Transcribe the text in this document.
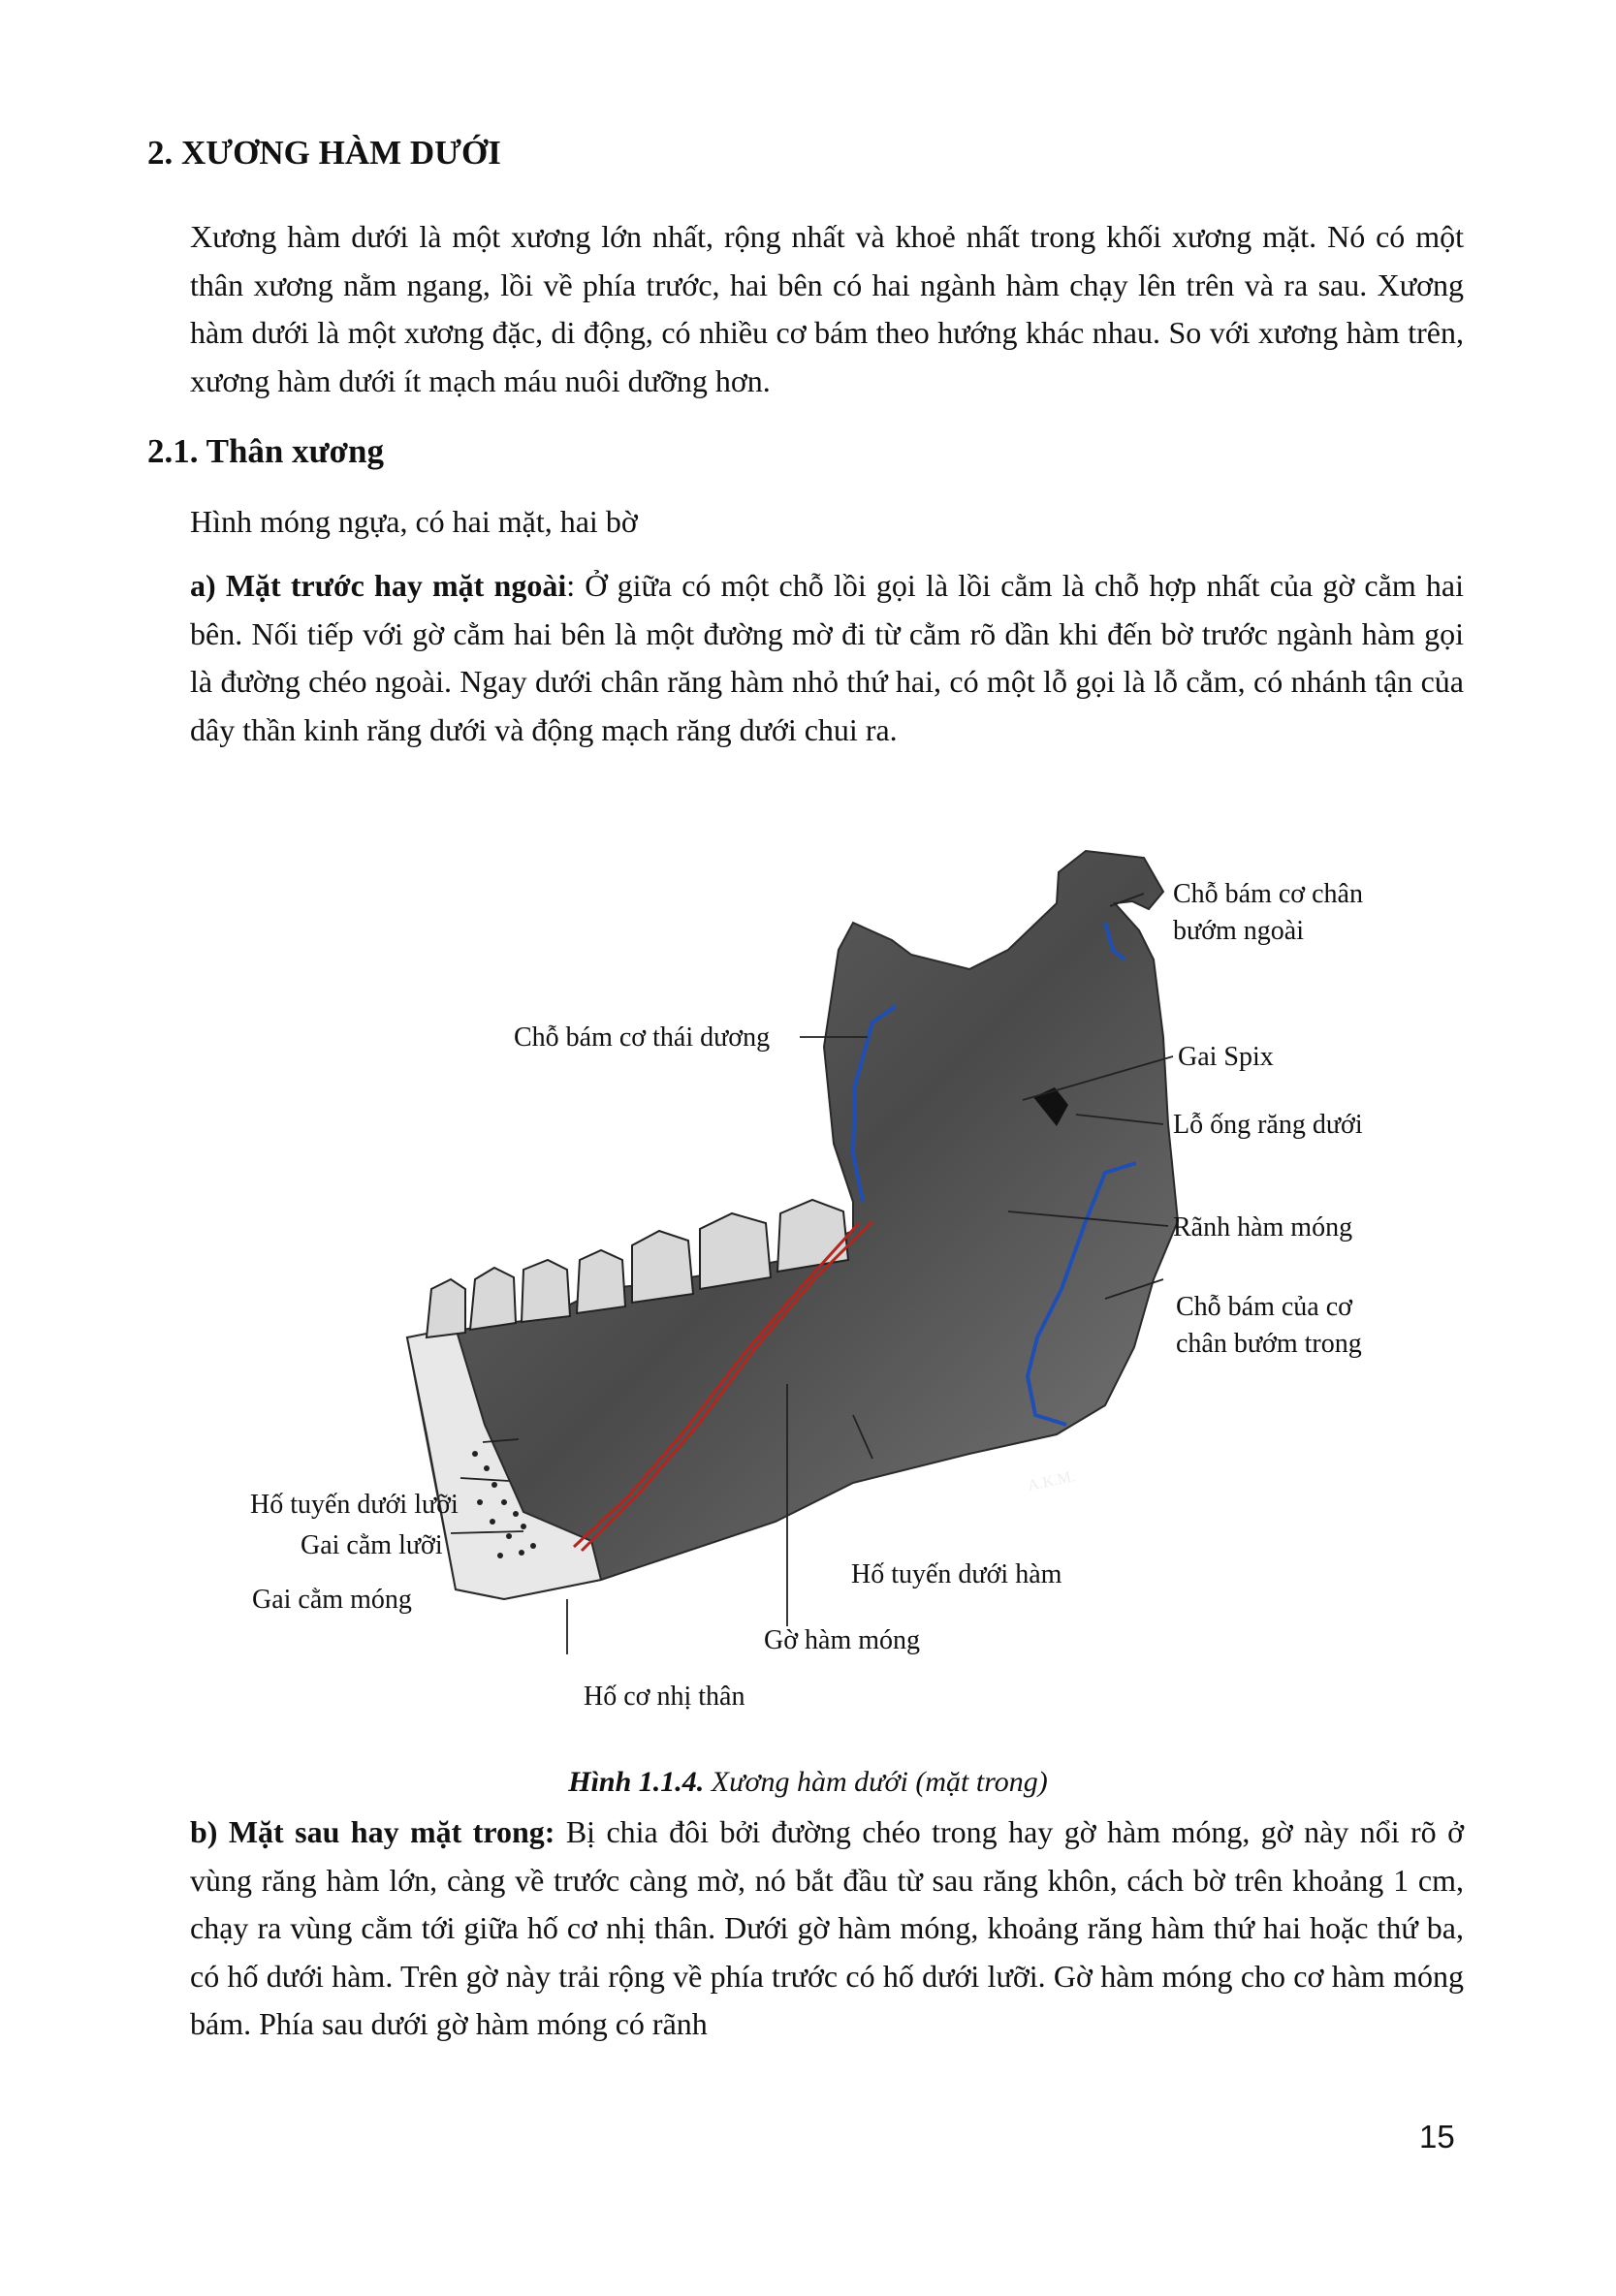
2. XƯƠNG HÀM DƯỚI
Xương hàm dưới là một xương lớn nhất, rộng nhất và khoẻ nhất trong khối xương mặt. Nó có một thân xương nằm ngang, lồi về phía trước, hai bên có hai ngành hàm chạy lên trên và ra sau. Xương hàm dưới là một xương đặc, di động, có nhiều cơ bám theo hướng khác nhau. So với xương hàm trên, xương hàm dưới ít mạch máu nuôi dưỡng hơn.
2.1. Thân xương
Hình móng ngựa, có hai mặt, hai bờ
a) Mặt trước hay mặt ngoài: Ở giữa có một chỗ lồi gọi là lồi cằm là chỗ hợp nhất của gờ cằm hai bên. Nối tiếp với gờ cằm hai bên là một đường mờ đi từ cằm rõ dần khi đến bờ trước ngành hàm gọi là đường chéo ngoài. Ngay dưới chân răng hàm nhỏ thứ hai, có một lỗ gọi là lỗ cằm, có nhánh tận của dây thần kinh răng dưới và động mạch răng dưới chui ra.
Chỗ bám cơ chân
bướm ngoài
Chỗ bám cơ thái dương
Gai Spix
Lỗ ống răng dưới
Rãnh hàm móng
Chỗ bám của cơ
chân bướm trong
Hố tuyến dưới lưỡi
Gai cằm lưỡi
Gai cằm móng
Hố tuyến dưới hàm
Gờ hàm móng
Hố cơ nhị thân
A.K.M.
Hình 1.1.4. Xương hàm dưới (mặt trong)
b) Mặt sau hay mặt trong: Bị chia đôi bởi đường chéo trong hay gờ hàm móng, gờ này nổi rõ ở vùng răng hàm lớn, càng về trước càng mờ, nó bắt đầu từ sau răng khôn, cách bờ trên khoảng 1 cm, chạy ra vùng cằm tới giữa hố cơ nhị thân. Dưới gờ hàm móng, khoảng răng hàm thứ hai hoặc thứ ba, có hố dưới hàm. Trên gờ này trải rộng về phía trước có hố dưới lưỡi. Gờ hàm móng cho cơ hàm móng bám. Phía sau dưới gờ hàm móng có rãnh
15
